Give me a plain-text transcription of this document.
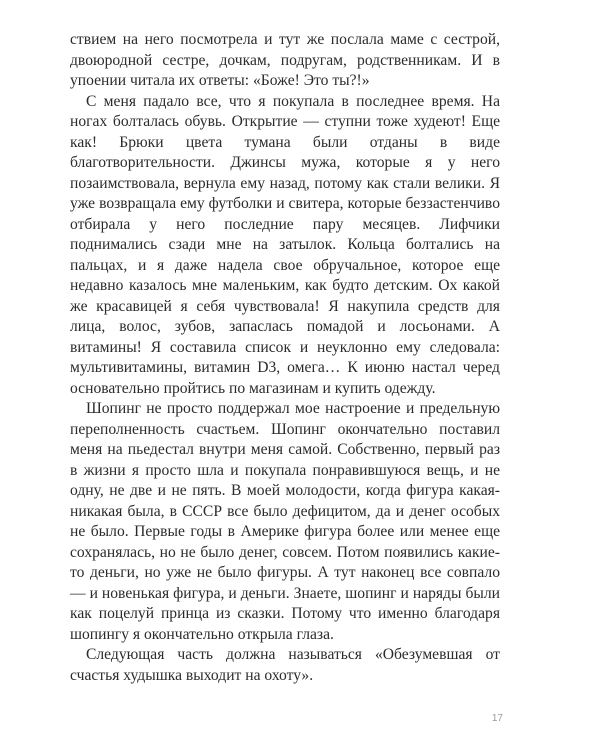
ствием на него посмотрела и тут же послала маме с сестрой, двоюродной сестре, дочкам, подругам, родственникам. И в упоении читала их ответы: «Боже! Это ты?!»

С меня падало все, что я покупала в последнее время. На ногах болталась обувь. Открытие — ступни тоже худеют! Еще как! Брюки цвета тумана были отданы в виде благотворительности. Джинсы мужа, которые я у него позаимствовала, вернула ему назад, потому как стали велики. Я уже возвращала ему футболки и свитера, которые беззастенчиво отбирала у него последние пару месяцев. Лифчики поднимались сзади мне на затылок. Кольца болтались на пальцах, и я даже надела свое обручальное, которое еще недавно казалось мне маленьким, как будто детским. Ох какой же красавицей я себя чувствовала! Я накупила средств для лица, волос, зубов, запаслась помадой и лосьонами. А витамины! Я составила список и неуклонно ему следовала: мультивитамины, витамин D3, омега… К июню настал черед основательно пройтись по магазинам и купить одежду.

Шопинг не просто поддержал мое настроение и предельную переполненность счастьем. Шопинг окончательно поставил меня на пьедестал внутри меня самой. Собственно, первый раз в жизни я просто шла и покупала понравившуюся вещь, и не одну, не две и не пять. В моей молодости, когда фигура какая-никакая была, в СССР все было дефицитом, да и денег особых не было. Первые годы в Америке фигура более или менее еще сохранялась, но не было денег, совсем. Потом появились какие-то деньги, но уже не было фигуры. А тут наконец все совпало — и новенькая фигура, и деньги. Знаете, шопинг и наряды были как поцелуй принца из сказки. Потому что именно благодаря шопингу я окончательно открыла глаза.

Следующая часть должна называться «Обезумевшая от счастья худышка выходит на охоту».

17
